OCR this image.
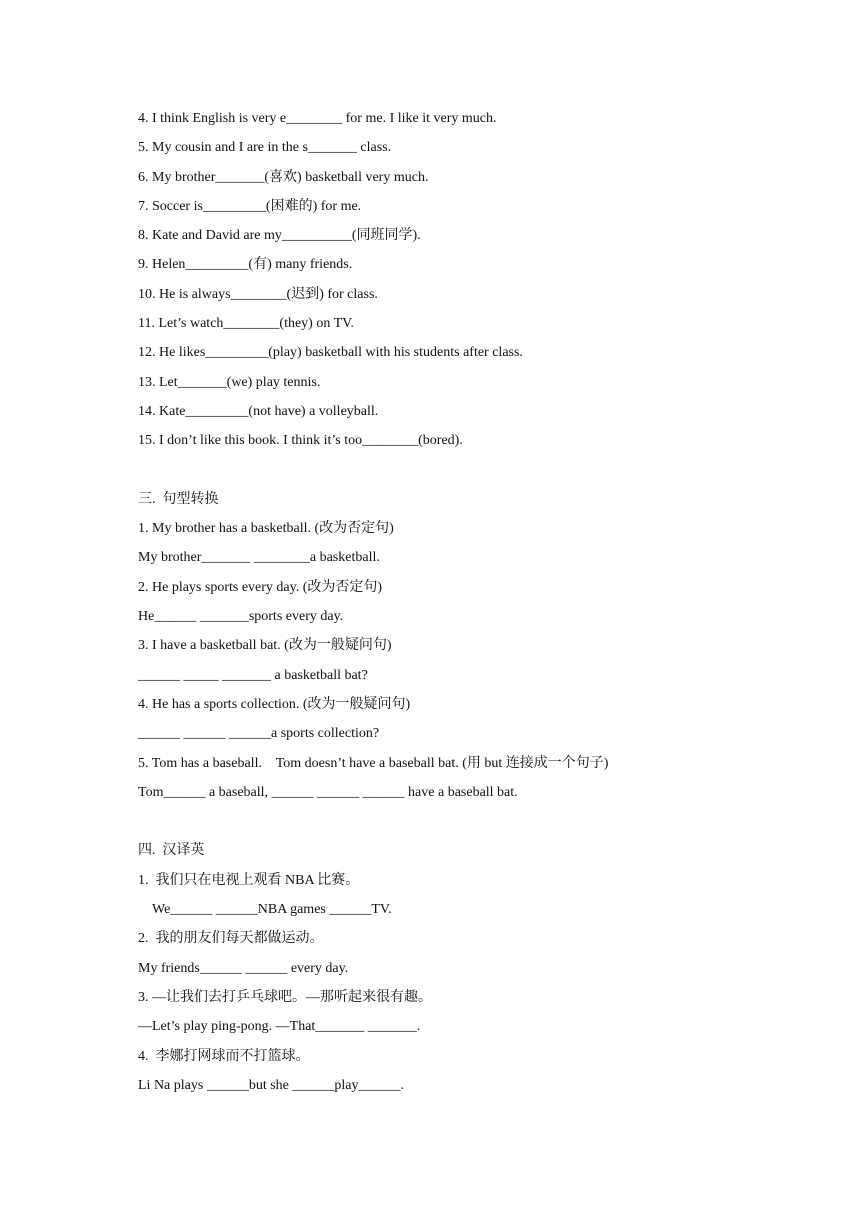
4. I think English is very e________ for me. I like it very much.
5. My cousin and I are in the s_______ class.
6. My brother_______(喜欢) basketball very much.
7. Soccer is_________(困难的) for me.
8. Kate and David are my__________(同班同学).
9. Helen_________(有) many friends.
10. He is always________(迟到) for class.
11. Let’s watch________(they) on TV.
12. He likes_________(play) basketball with his students after class.
13. Let_______(we) play tennis.
14. Kate_________(not have) a volleyball.
15. I don’t like this book. I think it’s too________(bored).
三.  句型转换
1. My brother has a basketball. (改为否定句)
My brother_______ ________a basketball.
2. He plays sports every day. (改为否定句)
He______ _______sports every day.
3. I have a basketball bat. (改为一般疑问句)
______ _____ _______ a basketball bat?
4. He has a sports collection. (改为一般疑问句)
______ ______ ______a sports collection?
5. Tom has a baseball.    Tom doesn’t have a baseball bat. (用 but 连接成一个句子)
Tom______ a baseball, ______ ______ ______ have a baseball bat.
四.  汉译英
1.  我们只在电视上观看 NBA 比赛。
We______ ______NBA games ______TV.
2.  我的朋友们每天都做运动。
My friends______ ______ every day.
3. —让我们去打乒乓球吧。—那听起来很有趣。
—Let’s play ping-pong. —That_______ _______.
4.  李娜打网球而不打篮球。
Li Na plays ______but she ______play______.
